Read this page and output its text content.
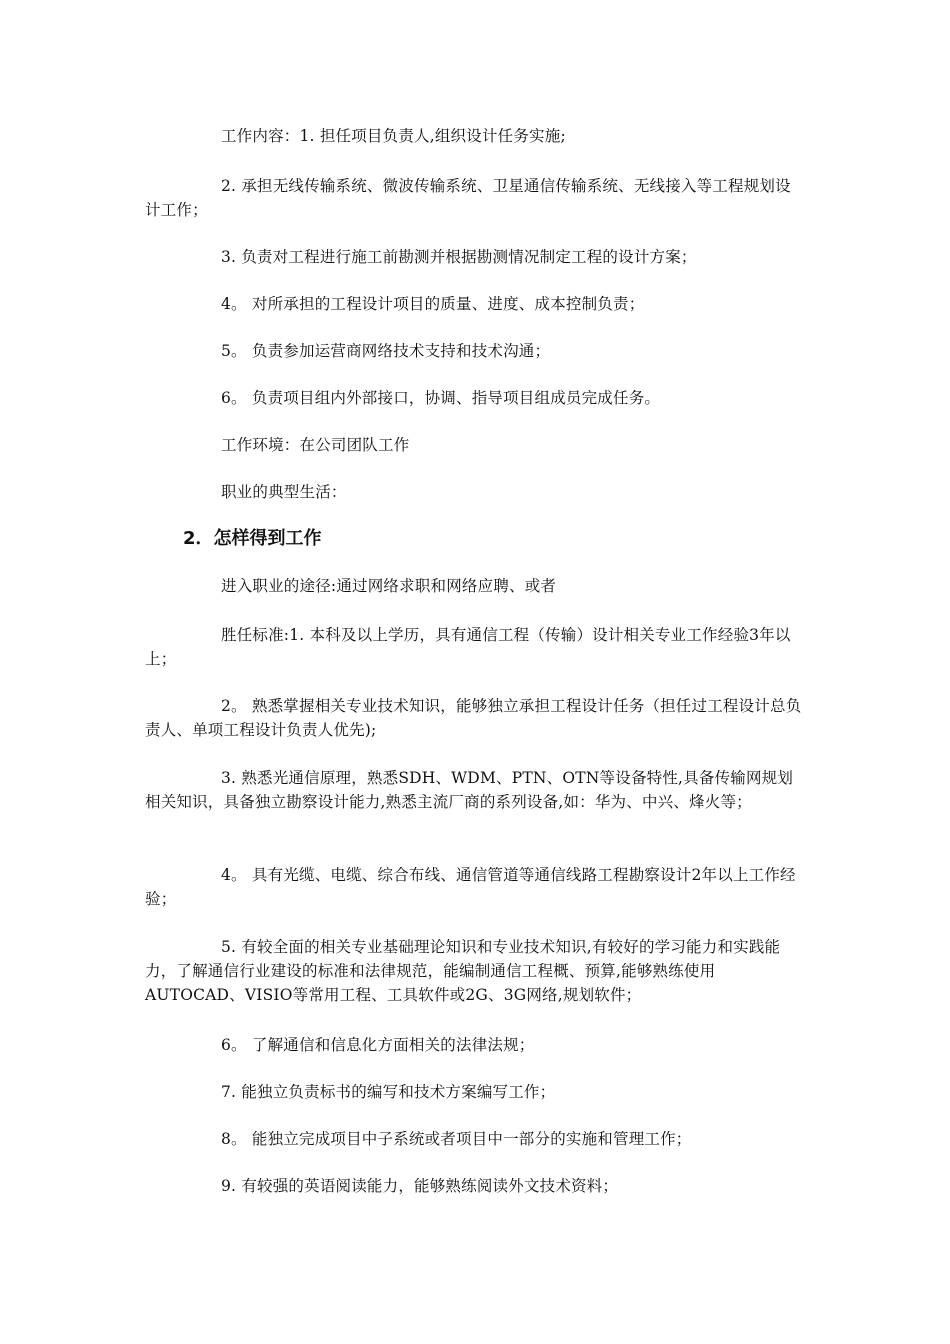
工作内容：1. 担任项目负责人,组织设计任务实施;

2. 承担无线传输系统、微波传输系统、卫星通信传输系统、无线接入等工程规划设计工作；

3. 负责对工程进行施工前勘测并根据勘测情况制定工程的设计方案；

4。 对所承担的工程设计项目的质量、进度、成本控制负责；

5。 负责参加运营商网络技术支持和技术沟通；

6。 负责项目组内外部接口，协调、指导项目组成员完成任务。

工作环境：在公司团队工作

职业的典型生活：

2．怎样得到工作

进入职业的途径:通过网络求职和网络应聘、或者

胜任标准:1. 本科及以上学历，具有通信工程（传输）设计相关专业工作经验3年以上；

2。 熟悉掌握相关专业技术知识，能够独立承担工程设计任务（担任过工程设计总负责人、单项工程设计负责人优先);

3. 熟悉光通信原理，熟悉SDH、WDM、PTN、OTN等设备特性,具备传输网规划相关知识，具备独立勘察设计能力,熟悉主流厂商的系列设备,如：华为、中兴、烽火等；

4。 具有光缆、电缆、综合布线、通信管道等通信线路工程勘察设计2年以上工作经验；

5. 有较全面的相关专业基础理论知识和专业技术知识,有较好的学习能力和实践能力，了解通信行业建设的标准和法律规范，能编制通信工程概、预算,能够熟练使用AUTOCAD、VISIO等常用工程、工具软件或2G、3G网络,规划软件；

6。 了解通信和信息化方面相关的法律法规；

7. 能独立负责标书的编写和技术方案编写工作；

8。 能独立完成项目中子系统或者项目中一部分的实施和管理工作；

9. 有较强的英语阅读能力，能够熟练阅读外文技术资料；
